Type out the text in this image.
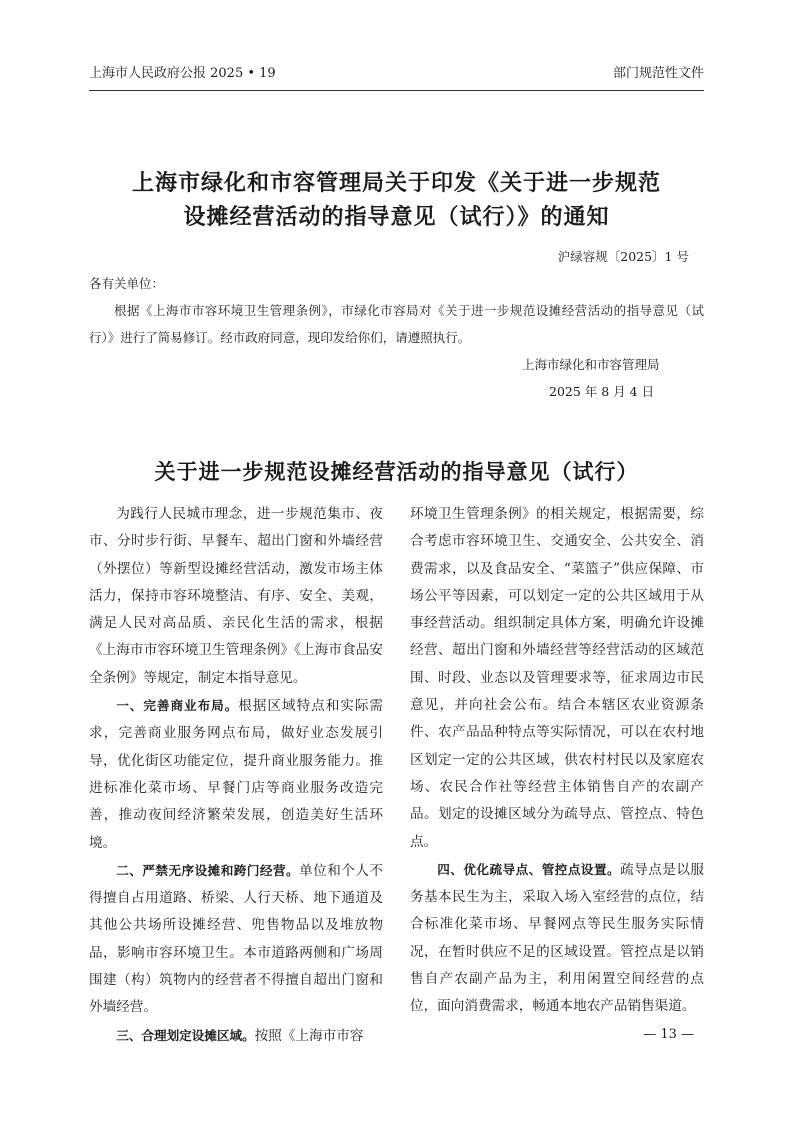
上海市人民政府公报 2025 • 19	部门规范性文件
上海市绿化和市容管理局关于印发《关于进一步规范
设摊经营活动的指导意见（试行）》的通知
沪绿容规〔2025〕1 号
各有关单位：
根据《上海市市容环境卫生管理条例》，市绿化市容局对《关于进一步规范设摊经营活动的指导意见（试行）》进行了简易修订。经市政府同意，现印发给你们，请遵照执行。
上海市绿化和市容管理局
2025 年 8 月 4 日
关于进一步规范设摊经营活动的指导意见（试行）

为践行人民城市理念，进一步规范集市、夜市、分时步行街、早餐车、超出门窗和外墙经营（外摆位）等新型设摊经营活动，激发市场主体活力，保持市容环境整洁、有序、安全、美观，满足人民对高品质、亲民化生活的需求，根据《上海市市容环境卫生管理条例》《上海市食品安全条例》等规定，制定本指导意见。

一、完善商业布局。根据区域特点和实际需求，完善商业服务网点布局，做好业态发展引导，优化街区功能定位，提升商业服务能力。推进标准化菜市场、早餐门店等商业服务改造完善，推动夜间经济繁荣发展，创造美好生活环境。

二、严禁无序设摊和跨门经营。单位和个人不得擅自占用道路、桥梁、人行天桥、地下通道及其他公共场所设摊经营、兜售物品以及堆放物品，影响市容环境卫生。本市道路两侧和广场周围建（构）筑物内的经营者不得擅自超出门窗和外墙经营。

三、合理划定设摊区域。按照《上海市市容

环境卫生管理条例》的相关规定，根据需要，综合考虑市容环境卫生、交通安全、公共安全、消费需求，以及食品安全、“菜篮子”供应保障、市场公平等因素，可以划定一定的公共区域用于从事经营活动。组织制定具体方案，明确允许设摊经营、超出门窗和外墙经营等经营活动的区域范围、时段、业态以及管理要求等，征求周边市民意见，并向社会公布。结合本辖区农业资源条件、农产品品种特点等实际情况，可以在农村地区划定一定的公共区域，供农村村民以及家庭农场、农民合作社等经营主体销售自产的农副产品。划定的设摊区域分为疏导点、管控点、特色点。

四、优化疏导点、管控点设置。疏导点是以服务基本民生为主，采取入场入室经营的点位，结合标准化菜市场、早餐网点等民生服务实际情况，在暂时供应不足的区域设置。管控点是以销售自产农副产品为主，利用闲置空间经营的点位，面向消费需求，畅通本地农产品销售渠道。

— 13 —
